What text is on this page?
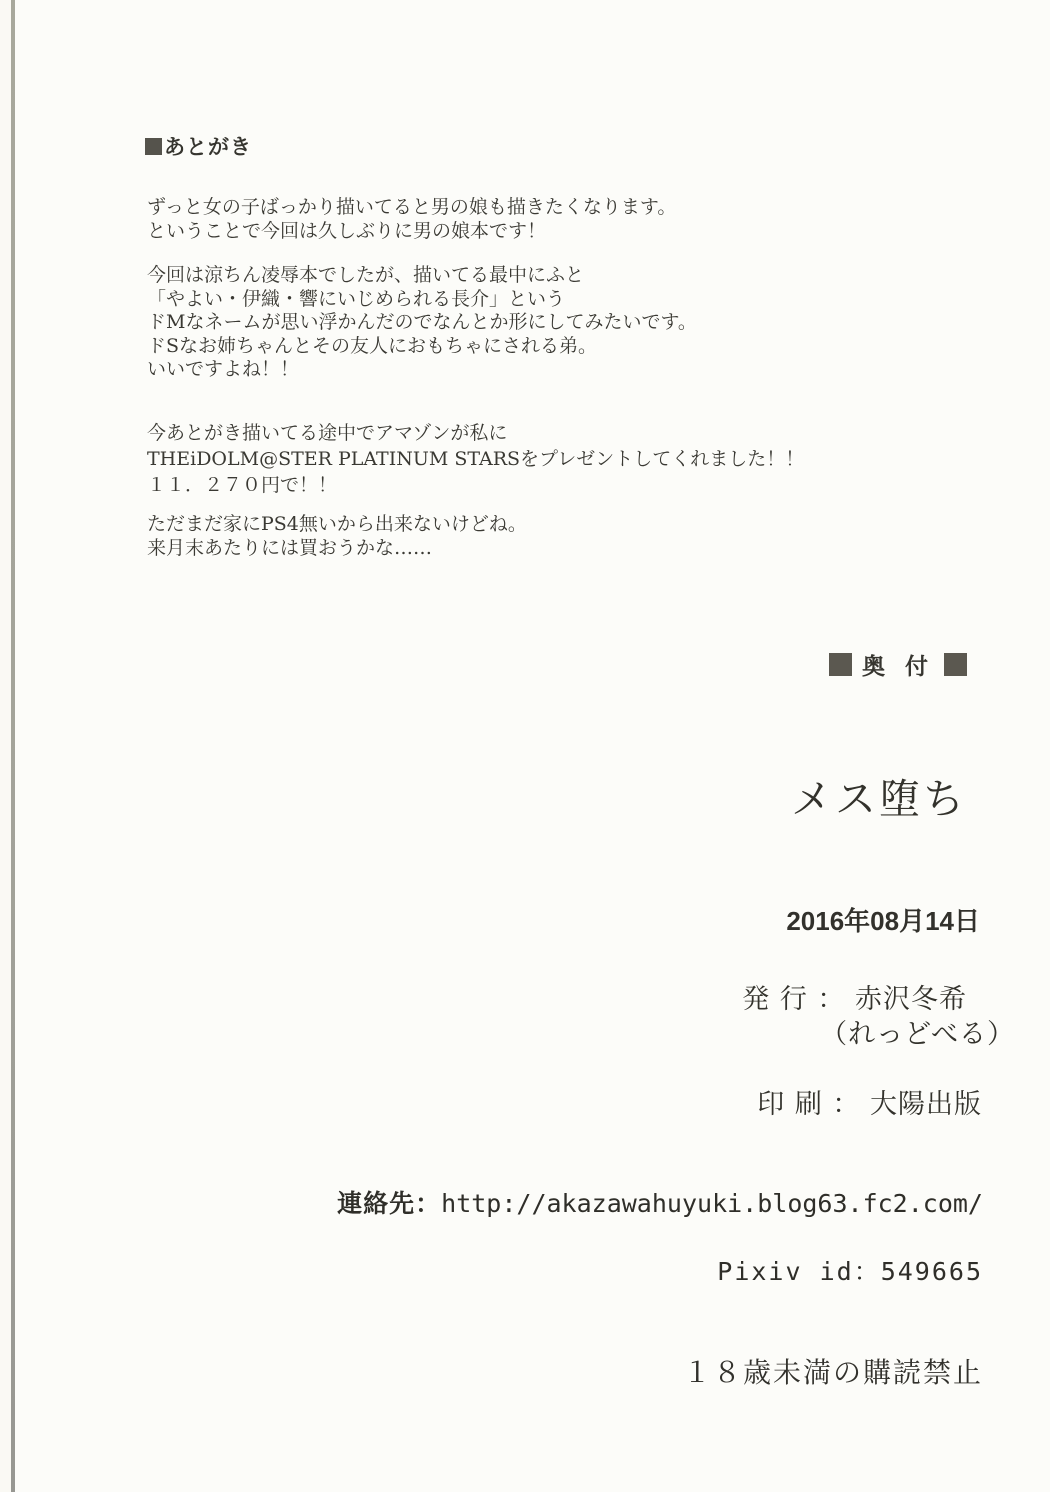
あとがき
ずっと女の子ばっかり描いてると男の娘も描きたくなります。
ということで今回は久しぶりに男の娘本です！
今回は涼ちん凌辱本でしたが、描いてる最中にふと
「やよい・伊織・響にいじめられる長介」という
ドMなネームが思い浮かんだのでなんとか形にしてみたいです。
ドSなお姉ちゃんとその友人におもちゃにされる弟。
いいですよね！！
今あとがき描いてる途中でアマゾンが私に
THEiDOLM@STER PLATINUM STARSをプレゼントしてくれました！！
１１．２７０円で！！
ただまだ家にPS4無いから出来ないけどね。
来月末あたりには買おうかな……
奥 付
メス堕ち
2016年08月14日
発 行 ： 赤沢冬希
（れっどべる）
印 刷 ： 大陽出版
連絡先：http://akazawahuyuki.blog63.fc2.com/
Pixiv id：549665
１８歳未満の購読禁止
